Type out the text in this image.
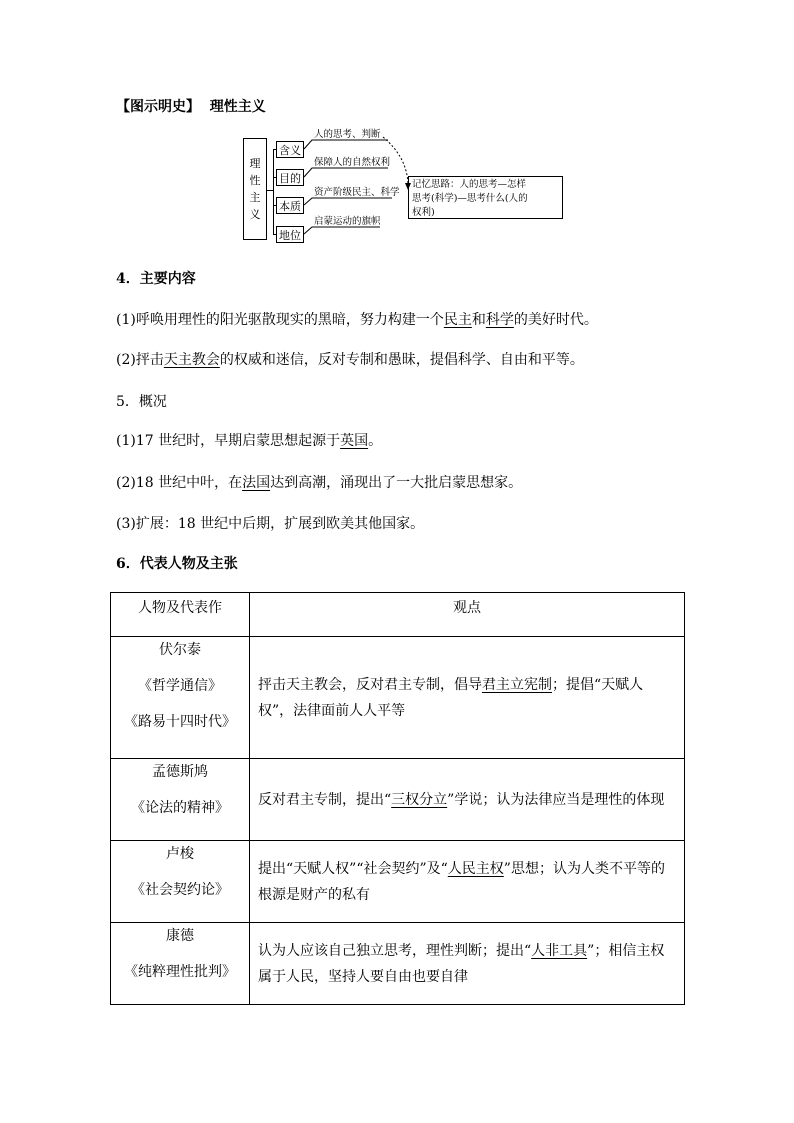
【图示明史】 理性主义
理
性
主
义
含义
目的
本质
地位
人的思考、判断
保障人的自然权利
资产阶级民主、科学
启蒙运动的旗帜
记忆思路：人的思考—怎样
思考(科学)—思考什么(人的
权利)
4．主要内容
(1)呼唤用理性的阳光驱散现实的黑暗，努力构建一个民主和科学的美好时代。
(2)抨击天主教会的权威和迷信，反对专制和愚昧，提倡科学、自由和平等。
5．概况
(1)17 世纪时，早期启蒙思想起源于英国。
(2)18 世纪中叶，在法国达到高潮，涌现出了一大批启蒙思想家。
(3)扩展：18 世纪中后期，扩展到欧美其他国家。
6．代表人物及主张
人物及代表作	观点

伏尔泰
《哲学通信》
《路易十四时代》	抨击天主教会，反对君主专制，倡导君主立宪制；提倡“天赋人权”，法律面前人人平等

孟德斯鸠
《论法的精神》	反对君主专制，提出“三权分立”学说；认为法律应当是理性的体现

卢梭
《社会契约论》	提出“天赋人权”“社会契约”及“人民主权”思想；认为人类不平等的根源是财产的私有

康德
《纯粹理性批判》	认为人应该自己独立思考，理性判断；提出“人非工具”；相信主权属于人民，坚持人要自由也要自律
